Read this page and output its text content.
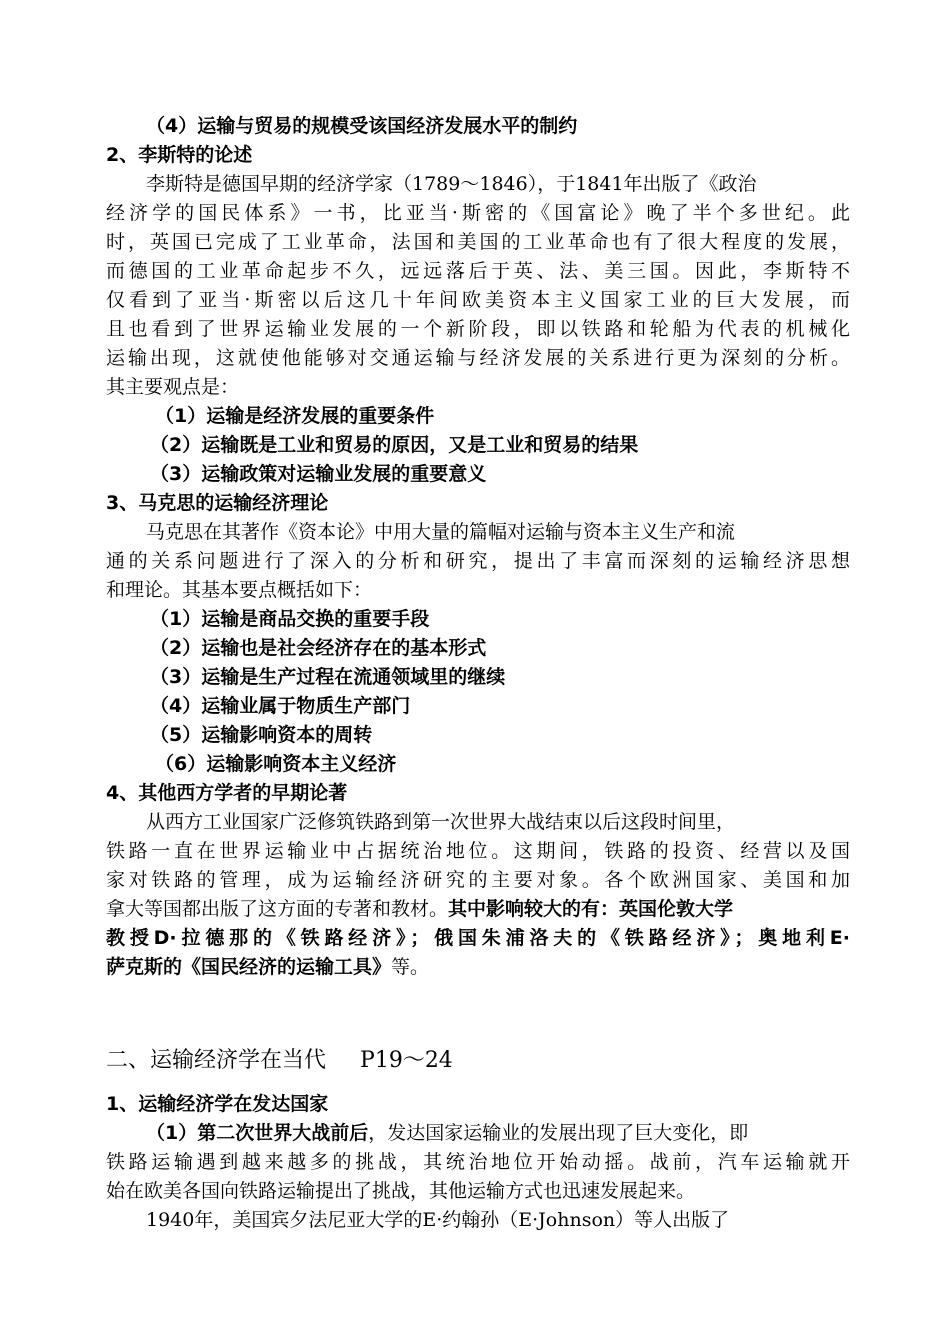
（4）运输与贸易的规模受该国经济发展水平的制约
2、李斯特的论述
李斯特是德国早期的经济学家（1789～1846），于1841年出版了《政治
经济学的国民体系》一书，比亚当·斯密的《国富论》晚了半个多世纪。此
时，英国已完成了工业革命，法国和美国的工业革命也有了很大程度的发展，
而德国的工业革命起步不久，远远落后于英、法、美三国。因此，李斯特不
仅看到了亚当·斯密以后这几十年间欧美资本主义国家工业的巨大发展，而
且也看到了世界运输业发展的一个新阶段，即以铁路和轮船为代表的机械化
运输出现，这就使他能够对交通运输与经济发展的关系进行更为深刻的分析。
其主要观点是：
（1）运输是经济发展的重要条件
（2）运输既是工业和贸易的原因，又是工业和贸易的结果
（3）运输政策对运输业发展的重要意义
3、马克思的运输经济理论
马克思在其著作《资本论》中用大量的篇幅对运输与资本主义生产和流
通的关系问题进行了深入的分析和研究，提出了丰富而深刻的运输经济思想
和理论。其基本要点概括如下：
（1）运输是商品交换的重要手段
（2）运输也是社会经济存在的基本形式
（3）运输是生产过程在流通领域里的继续
（4）运输业属于物质生产部门
（5）运输影响资本的周转
（6）运输影响资本主义经济
4、其他西方学者的早期论著
从西方工业国家广泛修筑铁路到第一次世界大战结束以后这段时间里，
铁路一直在世界运输业中占据统治地位。这期间，铁路的投资、经营以及国
家对铁路的管理，成为运输经济研究的主要对象。各个欧洲国家、美国和加
拿大等国都出版了这方面的专著和教材。其中影响较大的有：英国伦敦大学
教授D·拉德那的《铁路经济》；俄国朱浦洛夫的《铁路经济》；奥地利E·
萨克斯的《国民经济的运输工具》等。
二、运输经济学在当代 P19～24
1、运输经济学在发达国家
（1）第二次世界大战前后，发达国家运输业的发展出现了巨大变化，即
铁路运输遇到越来越多的挑战，其统治地位开始动摇。战前，汽车运输就开
始在欧美各国向铁路运输提出了挑战，其他运输方式也迅速发展起来。
1940年，美国宾夕法尼亚大学的E·约翰孙（E·Johnson）等人出版了
